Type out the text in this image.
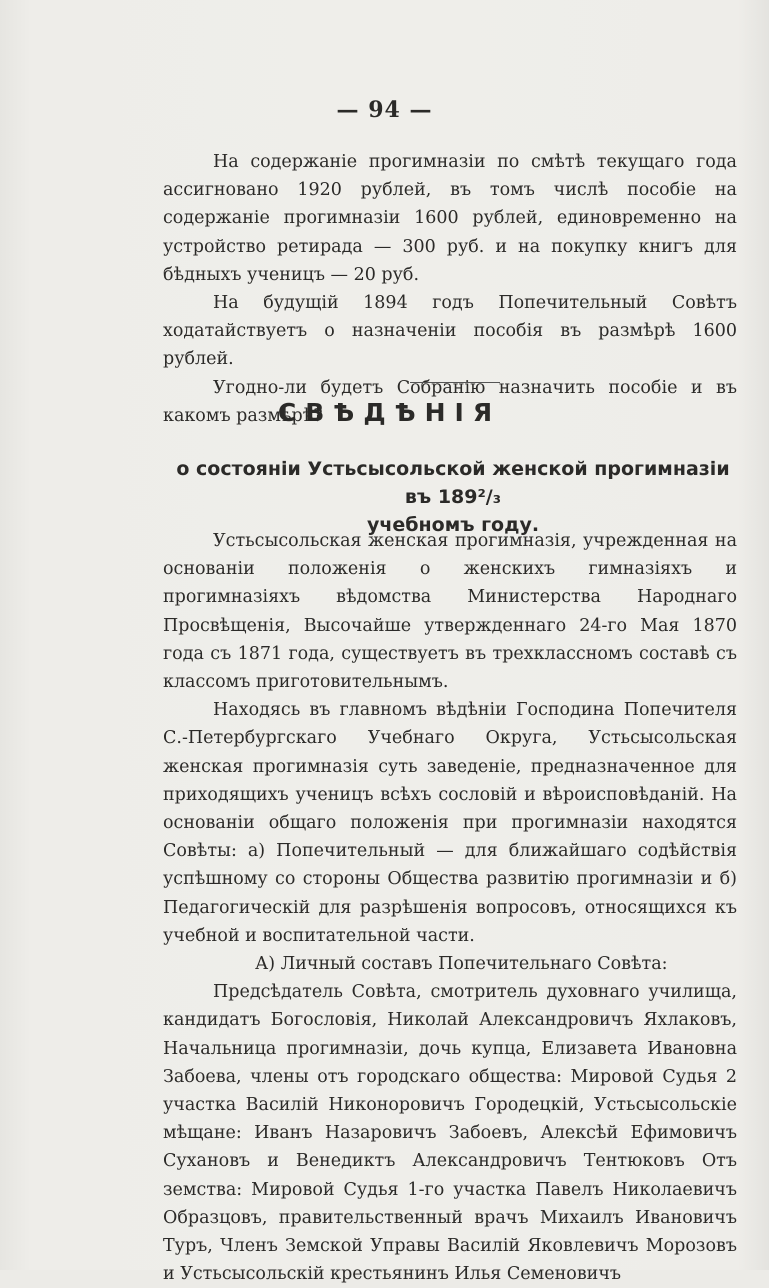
— 94 —

На содержаніе прогимназіи по смѣтѣ текущаго года ассигновано 1920 рублей, въ томъ числѣ пособіе на содержаніе прогимназіи 1600 рублей, единовременно на устройство ретирада — 300 руб. и на покупку книгъ для бѣдныхъ ученицъ — 20 руб.

На будущій 1894 годъ Попечительный Совѣтъ ходатайствуетъ о назначеніи пособія въ размѣрѣ 1600 рублей.

Угодно-ли будетъ Собранію назначить пособіе и въ какомъ размѣрѣ?

СВѢДѢНІЯ
о состояніи Устьсысольской женской прогимназіи въ 189²/₃
учебномъ году.

Устьсысольская женская прогимназія, учрежденная на основаніи положенія о женскихъ гимназіяхъ и прогимназіяхъ вѣдомства Министерства Народнаго Просвѣщенія, Высочайше утвержденнаго 24-го Мая 1870 года съ 1871 года, существуетъ въ трехклассномъ составѣ съ классомъ приготовительнымъ.

Находясь въ главномъ вѣдѣніи Господина Попечителя С.-Петербургскаго Учебнаго Округа, Устьсысольская женская прогимназія суть заведеніе, предназначенное для приходящихъ ученицъ всѣхъ сословій и вѣроисповѣданій. На основаніи общаго положенія при прогимназіи находятся Совѣты: а) Попечительный — для ближайшаго содѣйствія успѣшному со стороны Общества развитію прогимназіи и б) Педагогическій для разрѣшенія вопросовъ, относящихся къ учебной и воспитательной части.

А) Личный составъ Попечительнаго Совѣта:

Предсѣдатель Совѣта, смотритель духовнаго училища, кандидатъ Богословія, Николай Александровичъ Яхлаковъ, Начальница прогимназіи, дочь купца, Елизавета Ивановна Забоева, члены отъ городскаго общества: Мировой Судья 2 участка Василій Никоноровичъ Городецкій, Устьсысольскіе мѣщане: Иванъ Назаровичъ Забоевъ, Алексѣй Ефимовичъ Сухановъ и Венедиктъ Александровичъ Тентюковъ Отъ земства: Мировой Судья 1-го участка Павелъ Николаевичъ Образцовъ, правительственный врачъ Михаилъ Ивановичъ Туръ, Членъ Земской Управы Василій Яковлевичъ Морозовъ и Устьсысольскій крестьянинъ Илья Семеновичъ
